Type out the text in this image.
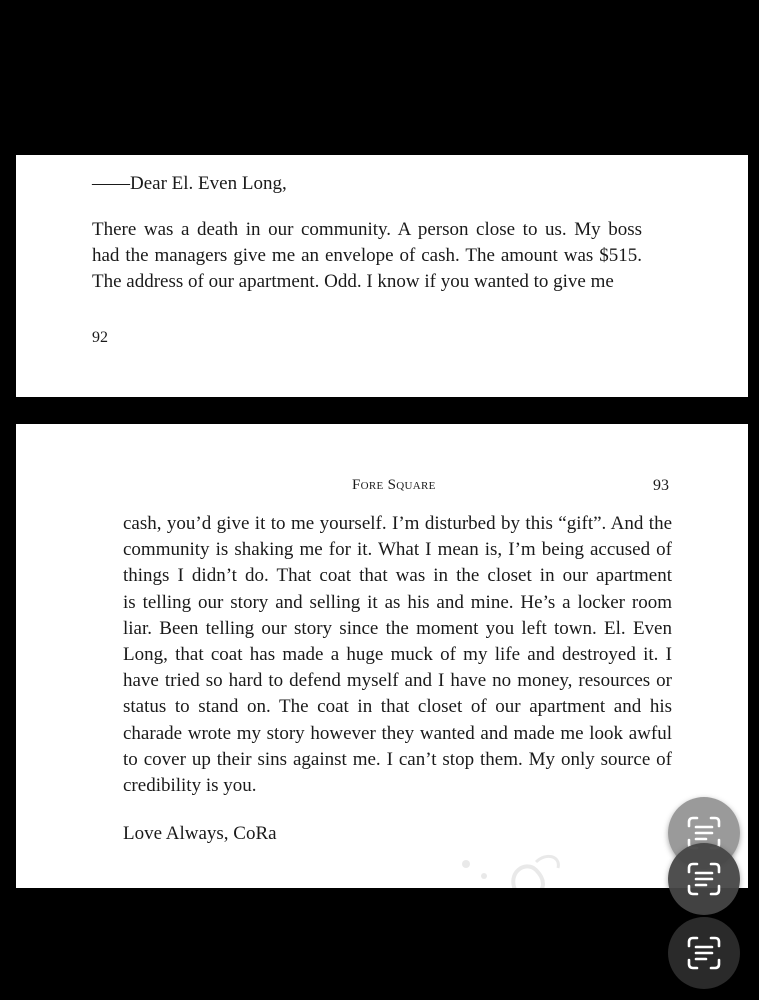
——Dear El. Even Long,
There was a death in our community. A person close to us. My boss
had the managers give me an envelope of cash. The amount was $515.
The address of our apartment. Odd. I know if you wanted to give me
92
Fore Square	93
cash, you’d give it to me yourself. I’m disturbed by this “gift”. And the
community is shaking me for it. What I mean is, I’m being accused of
things I didn’t do. That coat that was in the closet in our apartment
is telling our story and selling it as his and mine. He’s a locker room
liar. Been telling our story since the moment you left town. El. Even
Long, that coat has made a huge muck of my life and destroyed it. I
have tried so hard to defend myself and I have no money, resources or
status to stand on. The coat in that closet of our apartment and his
charade wrote my story however they wanted and made me look awful
to cover up their sins against me. I can’t stop them. My only source of
credibility is you.
Love Always, CoRa
